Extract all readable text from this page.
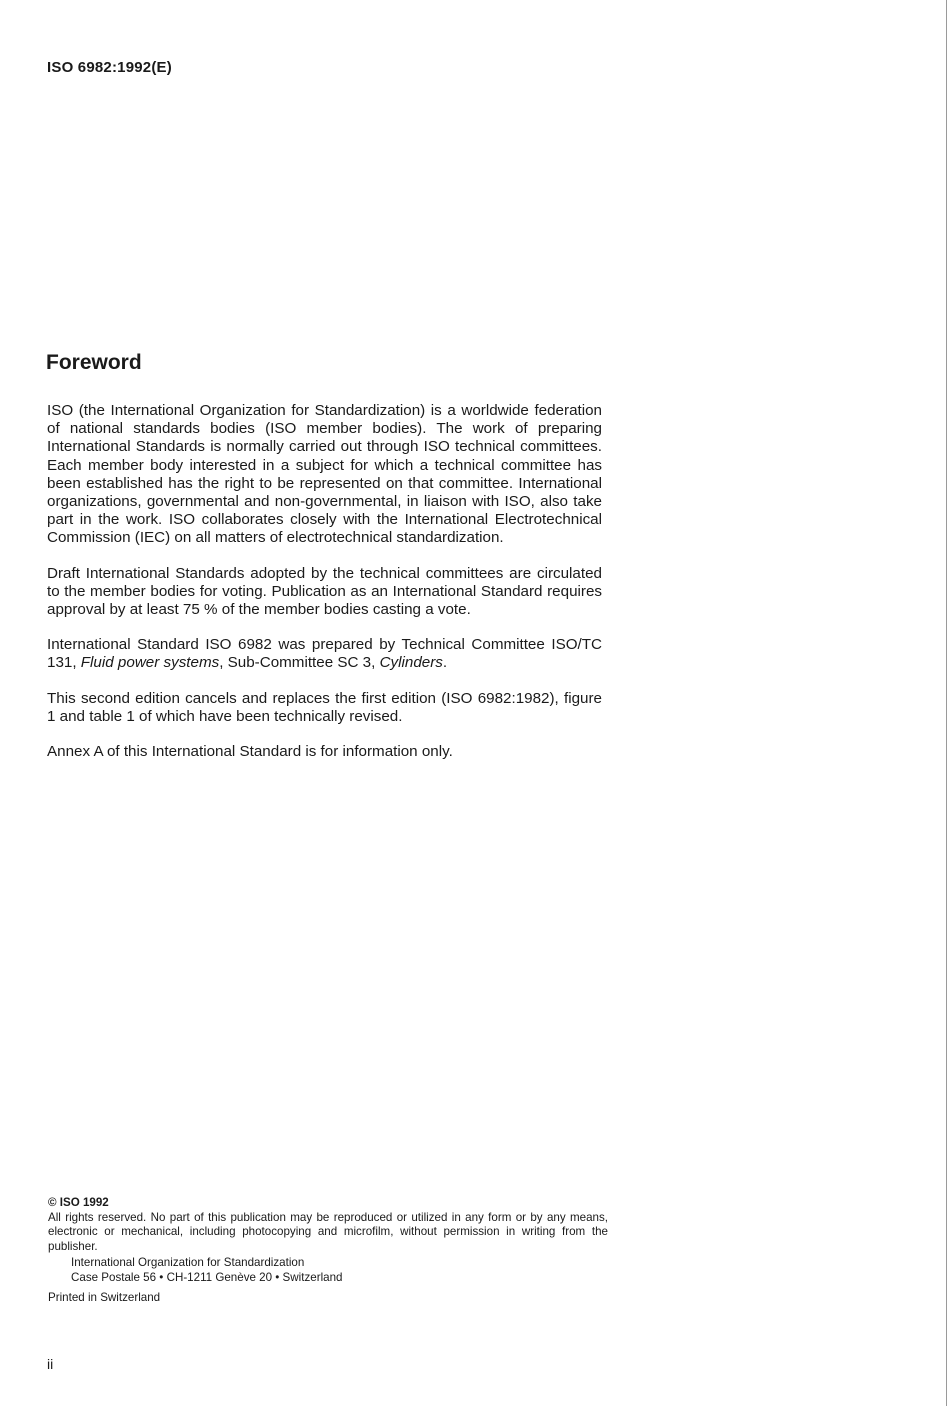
ISO 6982:1992(E)
Foreword

ISO (the International Organization for Standardization) is a worldwide federation of national standards bodies (ISO member bodies). The work of preparing International Standards is normally carried out through ISO technical committees. Each member body interested in a subject for which a technical committee has been established has the right to be represented on that committee. International organizations, governmental and non-governmental, in liaison with ISO, also take part in the work. ISO collaborates closely with the International Electrotechnical Commission (IEC) on all matters of electrotechnical standardization.

Draft International Standards adopted by the technical committees are circulated to the member bodies for voting. Publication as an International Standard requires approval by at least 75 % of the member bodies casting a vote.

International Standard ISO 6982 was prepared by Technical Committee ISO/TC 131, Fluid power systems, Sub-Committee SC 3, Cylinders.

This second edition cancels and replaces the first edition (ISO 6982:1982), figure 1 and table 1 of which have been technically revised.

Annex A of this International Standard is for information only.

© ISO 1992
All rights reserved. No part of this publication may be reproduced or utilized in any form or by any means, electronic or mechanical, including photocopying and microfilm, without permission in writing from the publisher.
International Organization for Standardization
Case Postale 56 • CH-1211 Genève 20 • Switzerland
Printed in Switzerland
ii
